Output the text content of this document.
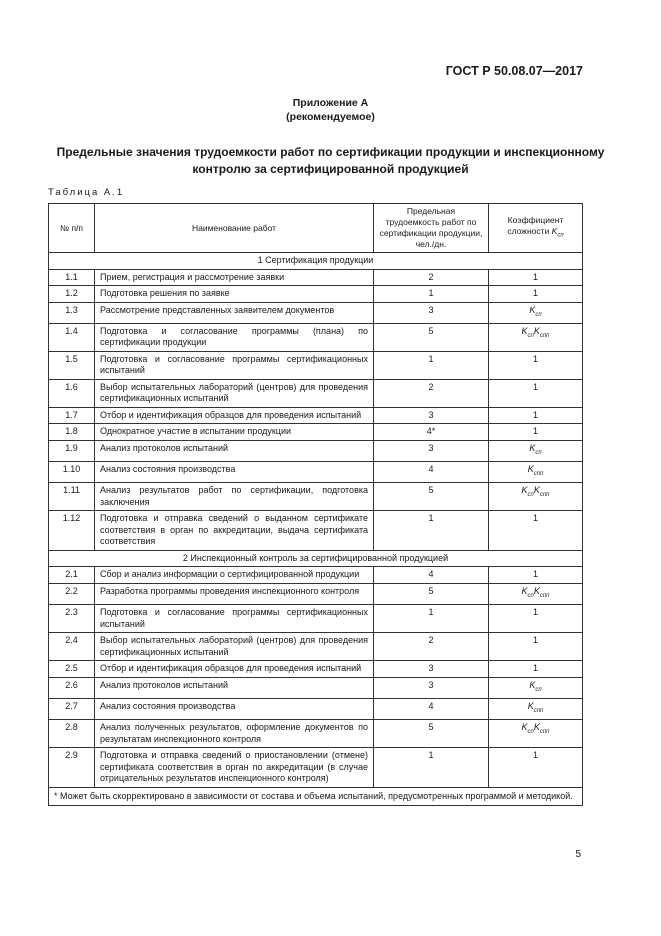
ГОСТ Р 50.08.07—2017
Приложение А
(рекомендуемое)
Предельные значения трудоемкости работ по сертификации продукции и инспекционному контролю за сертифицированной продукцией
Таблица А.1
№ п/п	Наименование работ	Предельная трудоемкость работ по сертификации продукции, чел./дн.	Коэффициент сложности $K_{сп}$
1 Сертификация продукции			
1.1	Прием, регистрация и рассмотрение заявки	2	1
1.2	Подготовка решения по заявке	1	1
1.3	Рассмотрение представленных заявителем документов	3	$K_{сп}$
1.4	Подготовка и согласование программы (плана) по сертификации продукции	5	$K_{сп}K_{спп}$
1.5	Подготовка и согласование программы сертификационных испытаний	1	1
1.6	Выбор испытательных лабораторий (центров) для проведения сертификационных испытаний	2	1
1.7	Отбор и идентификация образцов для проведения испытаний	3	1
1.8	Однократное участие в испытании продукции	4*	1
1.9	Анализ протоколов испытаний	3	$K_{сп}$
1.10	Анализ состояния производства	4	$K_{спп}$
1.11	Анализ результатов работ по сертификации, подготовка заключения	5	$K_{сп}K_{спп}$
1.12	Подготовка и отправка сведений о выданном сертификате соответствия в орган по аккредитации, выдача сертификата соответствия	1	1
2 Инспекционный контроль за сертифицированной продукцией			
2.1	Сбор и анализ информации о сертифицированной продукции	4	1
2.2	Разработка программы проведения инспекционного контроля	5	$K_{сп}K_{спп}$
2.3	Подготовка и согласование программы сертификационных испытаний	1	1
2.4	Выбор испытательных лабораторий (центров) для проведения сертификационных испытаний	2	1
2.5	Отбор и идентификация образцов для проведения испытаний	3	1
2.6	Анализ протоколов испытаний	3	$K_{сп}$
2.7	Анализ состояния производства	4	$K_{спп}$
2.8	Анализ полученных результатов, оформление документов по результатам инспекционного контроля	5	$K_{сп}K_{спп}$
2.9	Подготовка и отправка сведений о приостановлении (отмене) сертификата соответствия в орган по аккредитации (в случае отрицательных результатов инспекционного контроля)	1	1
* Может быть скорректировано в зависимости от состава и объема испытаний, предусмотренных программой и методикой.			
5
